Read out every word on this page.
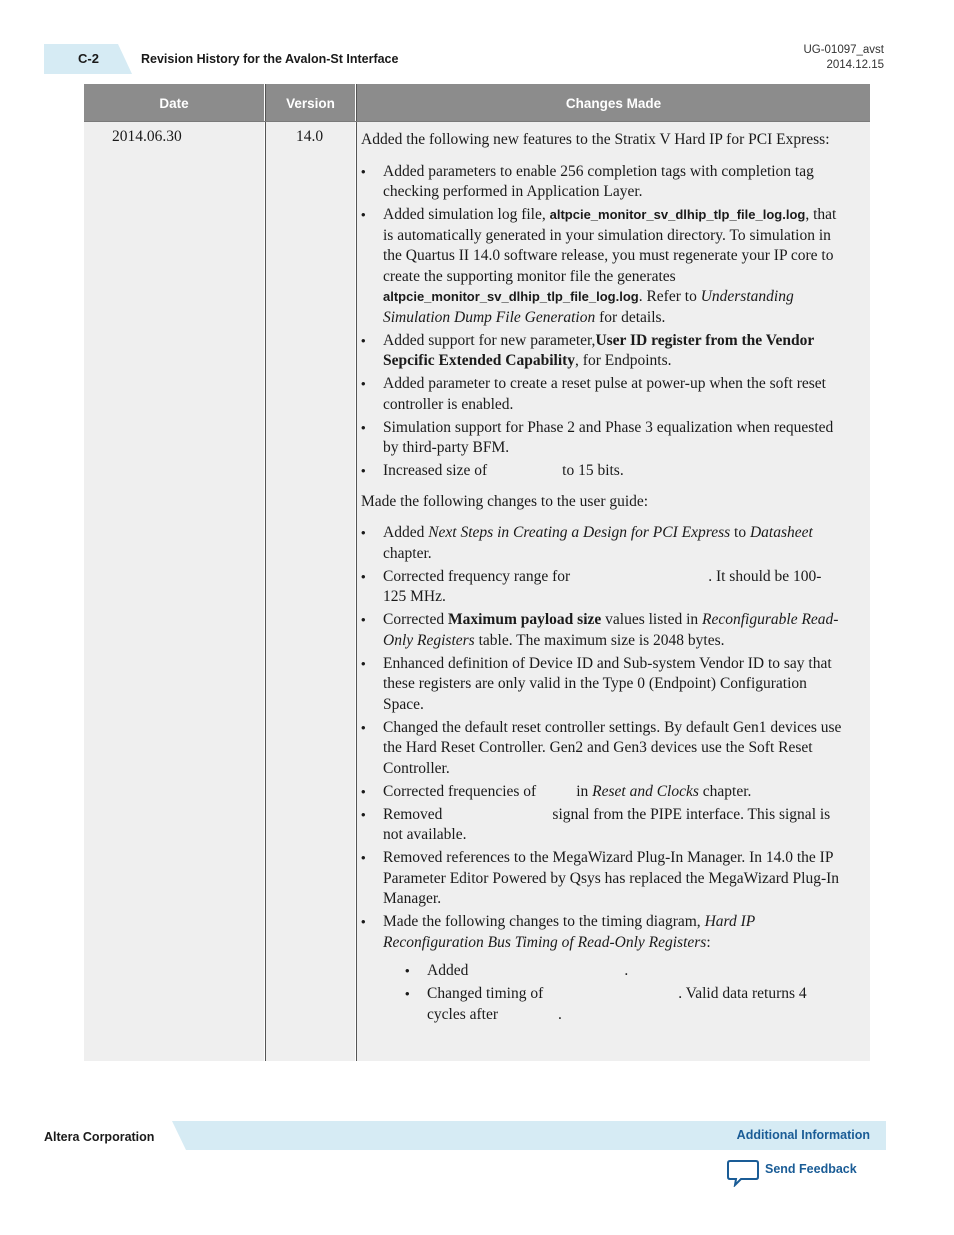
C-2	Revision History for the Avalon-St Interface
UG-01097_avst
2014.12.15
Date	Version	Changes Made
2014.06.30	14.0 Added the following new features to the Stratix V Hard IP for PCI Express:

• Added parameters to enable 256 completion tags with completion tag checking performed in Application Layer.
• Added simulation log file, altpcie_monitor_sv_dlhip_tlp_file_log.log, that is automatically generated in your simulation directory. To simulation in the Quartus II 14.0 software release, you must regenerate your IP core to create the supporting monitor file the generates altpcie_monitor_sv_dlhip_tlp_file_log.log. Refer to Understanding Simulation Dump File Generation for details.
• Added support for new parameter,User ID register from the Vendor Sepcific Extended Capability, for Endpoints.
• Added parameter to create a reset pulse at power-up when the soft reset controller is enabled.
• Simulation support for Phase 2 and Phase 3 equalization when requested by third-party BFM.
• Increased size of	to 15 bits.

Made the following changes to the user guide:

• Added Next Steps in Creating a Design for PCI Express to Datasheet chapter.
• Corrected frequency range for	. It should be 100-125 MHz.
• Corrected Maximum payload size values listed in Reconfigurable Read-Only Registers table. The maximum size is 2048 bytes.
• Enhanced definition of Device ID and Sub-system Vendor ID to say that these registers are only valid in the Type 0 (Endpoint) Configuration Space.
• Changed the default reset controller settings. By default Gen1 devices use the Hard Reset Controller. Gen2 and Gen3 devices use the Soft Reset Controller.
• Corrected frequencies of	in Reset and Clocks chapter.
• Removed	signal from the PIPE interface. This signal is not available.
• Removed references to the MegaWizard Plug-In Manager. In 14.0 the IP Parameter Editor Powered by Qsys has replaced the MegaWizard Plug-In Manager.
• Made the following changes to the timing diagram, Hard IP Reconfiguration Bus Timing of Read-Only Registers:
• Added	.
• Changed timing of	. Valid data returns 4 cycles after	.
Altera Corporation	Additional Information
Send Feedback
